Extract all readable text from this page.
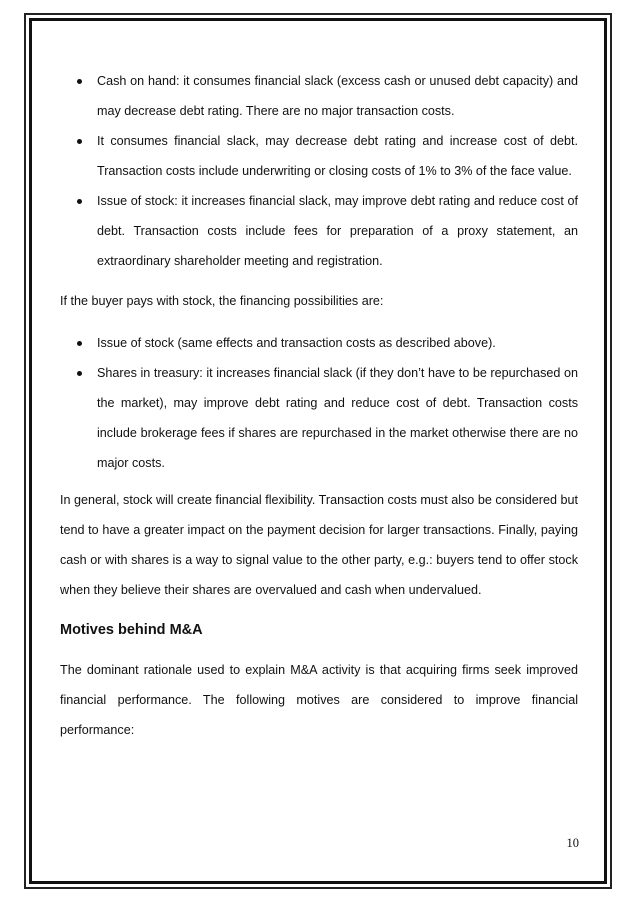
Cash on hand: it consumes financial slack (excess cash or unused debt capacity) and may decrease debt rating. There are no major transaction costs.
It consumes financial slack, may decrease debt rating and increase cost of debt. Transaction costs include underwriting or closing costs of 1% to 3% of the face value.
Issue of stock: it increases financial slack, may improve debt rating and reduce cost of debt. Transaction costs include fees for preparation of a proxy statement, an extraordinary shareholder meeting and registration.

If the buyer pays with stock, the financing possibilities are:

Issue of stock (same effects and transaction costs as described above).
Shares in treasury: it increases financial slack (if they don’t have to be repurchased on the market), may improve debt rating and reduce cost of debt. Transaction costs include brokerage fees if shares are repurchased in the market otherwise there are no major costs.

In general, stock will create financial flexibility. Transaction costs must also be considered but tend to have a greater impact on the payment decision for larger transactions. Finally, paying cash or with shares is a way to signal value to the other party, e.g.: buyers tend to offer stock when they believe their shares are overvalued and cash when undervalued.

Motives behind M&A

The dominant rationale used to explain M&A activity is that acquiring firms seek improved financial performance. The following motives are considered to improve financial performance:

10
